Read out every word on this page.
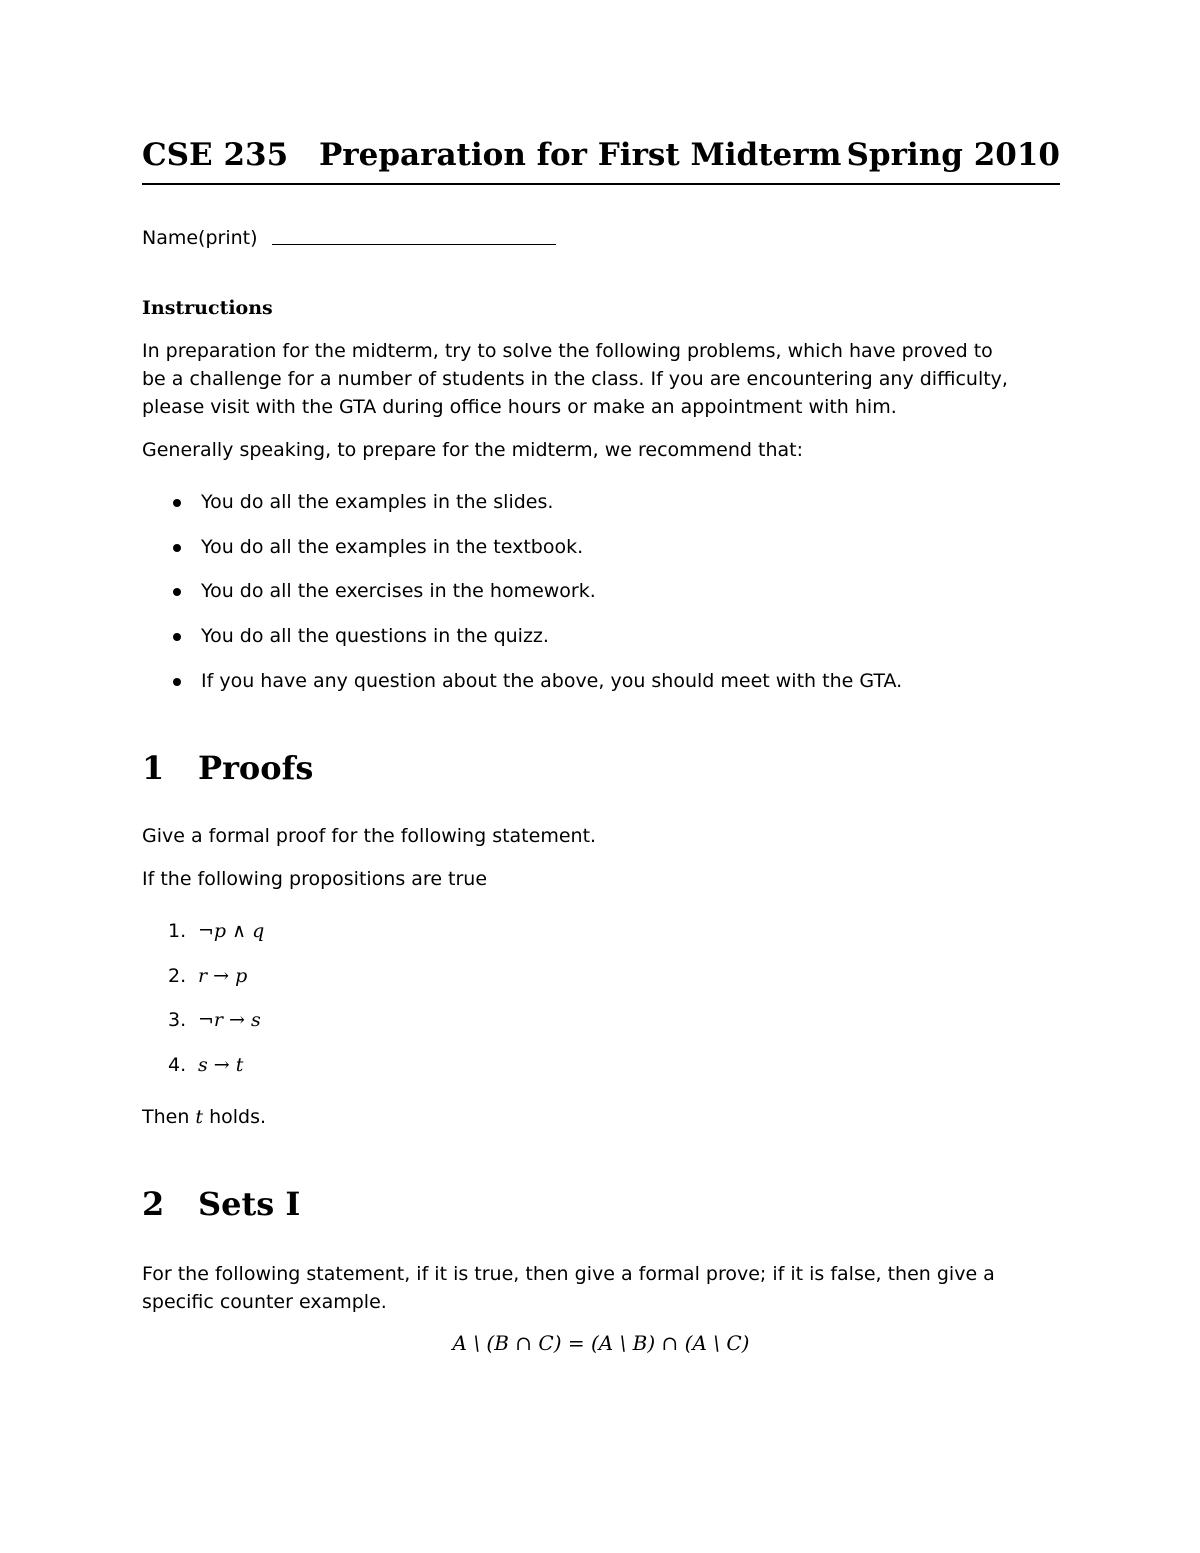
CSE 235 Preparation for First Midterm Spring 2010
Name(print)
Instructions
In preparation for the midterm, try to solve the following problems, which have proved to
be a challenge for a number of students in the class. If you are encountering any difficulty,
please visit with the GTA during office hours or make an appointment with him.
Generally speaking, to prepare for the midterm, we recommend that:
You do all the examples in the slides.
You do all the examples in the textbook.
You do all the exercises in the homework.
You do all the questions in the quizz.
If you have any question about the above, you should meet with the GTA.
1 Proofs
Give a formal proof for the following statement.
If the following propositions are true
1. ¬p ∧ q
2. r → p
3. ¬r → s
4. s → t
Then t holds.
2 Sets I
For the following statement, if it is true, then give a formal prove; if it is false, then give a
specific counter example.
A \ (B ∩ C) = (A \ B) ∩ (A \ C)
